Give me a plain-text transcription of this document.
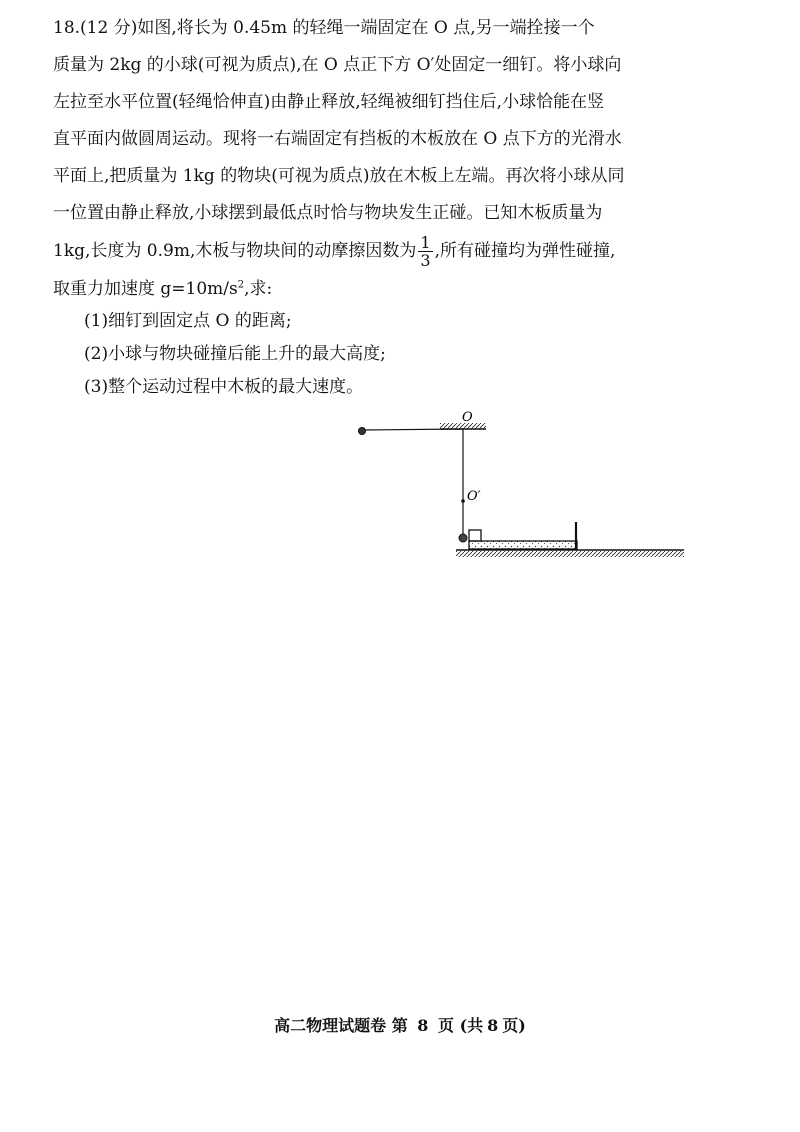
18.(12 分)如图,将长为 0.45m 的轻绳一端固定在 O 点,另一端拴接一个
质量为 2kg 的小球(可视为质点),在 O 点正下方 O′处固定一细钉。将小球向
左拉至水平位置(轻绳恰伸直)由静止释放,轻绳被细钉挡住后,小球恰能在竖
直平面内做圆周运动。现将一右端固定有挡板的木板放在 O 点下方的光滑水
平面上,把质量为 1kg 的物块(可视为质点)放在木板上左端。再次将小球从同
一位置由静止释放,小球摆到最低点时恰与物块发生正碰。已知木板质量为
1kg,长度为 0.9m,木板与物块间的动摩擦因数为 $\frac{1}{3}$ ,所有碰撞均为弹性碰撞,
取重力加速度 $g=10m/s^2$,求:
(1)细钉到固定点 O 的距离;
(2)小球与物块碰撞后能上升的最大高度;
(3)整个运动过程中木板的最大速度。
O
O′
高二物理试题卷 第 8 页 (共 8 页)
